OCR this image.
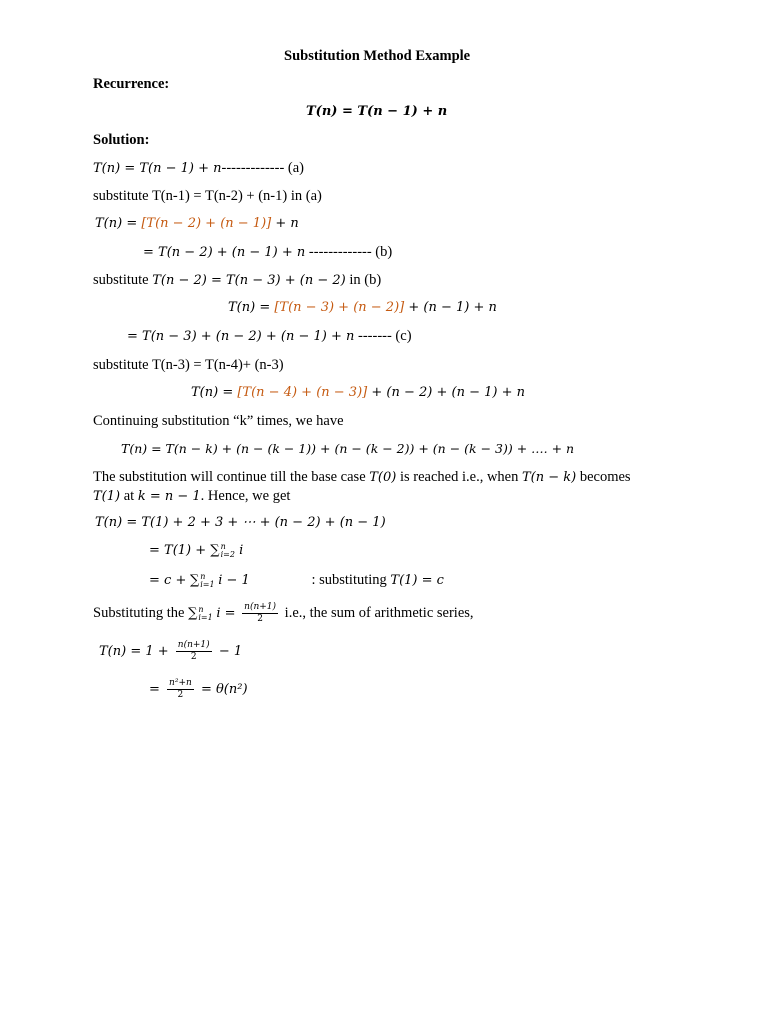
Substitution Method Example
Recurrence:
T(n) = T(n − 1) + n
Solution:
T(n) = T(n − 1) + n------------- (a)
substitute T(n-1) = T(n-2) + (n-1) in (a)
T(n) = [T(n − 2) + (n − 1)] + n
= T(n − 2) + (n − 1) + n ------------- (b)
substitute T(n − 2) = T(n − 3) + (n − 2) in (b)
T(n) = [T(n − 3) + (n − 2)] + (n − 1) + n
= T(n − 3) + (n − 2) + (n − 1) + n ------- (c)
substitute T(n-3) = T(n-4)+ (n-3)
T(n) = [T(n − 4) + (n − 3)] + (n − 2) + (n − 1) + n
Continuing substitution “k” times, we have
T(n) = T(n − k) + (n − (k − 1)) + (n − (k − 2)) + (n − (k − 3)) + …. + n
The substitution will continue till the base case T(0) is reached i.e., when T(n − k) becomes
T(1) at k = n − 1. Hence, we get
T(n) = T(1) + 2 + 3 + ⋯ + (n − 2) + (n − 1)
= T(1) + ∑ n
i=2 i
= c + ∑ n
i=1 i − 1	: substituting T(1) = c
Substituting the ∑ n
i=1 $i = \frac{n(n+1)}{2} i.e$., the sum of arithmetic series,
$T(n) = 1 + \frac{n(n+1)}{2} - 1$
= $\frac{\text{n²+n}}{2} = \theta(n^2)$
